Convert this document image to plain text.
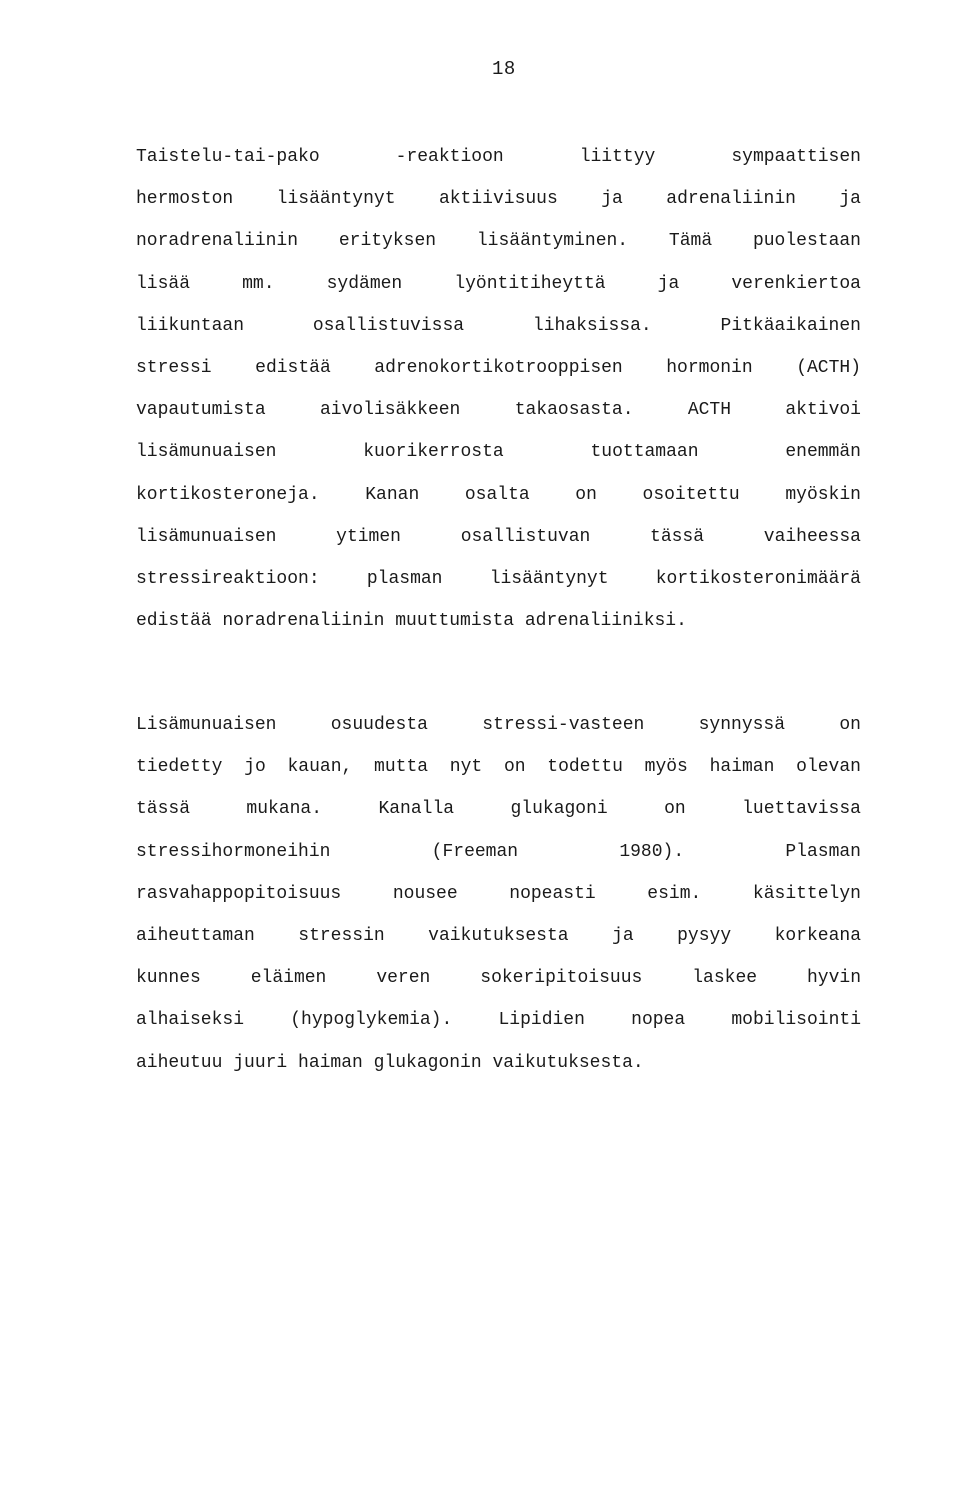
18
Taistelu-tai-pako	-reaktioon	liittyy	sympaattisen
hermoston lisääntynyt aktiivisuus ja adrenaliinin ja
noradrenaliinin erityksen lisääntyminen. Tämä puolestaan
lisää	mm.	sydämen	lyöntitiheyttä	ja	verenkiertoa
liikuntaan	osallistuvissa	lihaksissa.	Pitkäaikainen
stressi edistää adrenokortikotrooppisen hormonin (ACTH)
vapautumista	aivolisäkkeen	takaosasta.	ACTH	aktivoi
lisämunuaisen	kuorikerrosta	tuottamaan	enemmän
kortikosteroneja.	Kanan	osalta	on	osoitettu	myöskin
lisämunuaisen	ytimen	osallistuvan	tässä	vaiheessa
stressireaktioon:	plasman	lisääntynyt	kortikosteronimäärä
edistää noradrenaliinin muuttumista adrenaliiniksi.
Lisämunuaisen	osuudesta	stressi-vasteen	synnyssä	on
tiedetty jo kauan, mutta nyt on todettu myös haiman olevan
tässä	mukana.	Kanalla	glukagoni	on	luettavissa
stressihormoneihin	(Freeman	1980).	Plasman
rasvahappopitoisuus	nousee	nopeasti	esim.	käsittelyn
aiheuttaman stressin vaikutuksesta ja pysyy korkeana
kunnes	eläimen	veren	sokeripitoisuus	laskee	hyvin
alhaiseksi	(hypoglykemia).	Lipidien	nopea	mobilisointi
aiheutuu juuri haiman glukagonin vaikutuksesta.
